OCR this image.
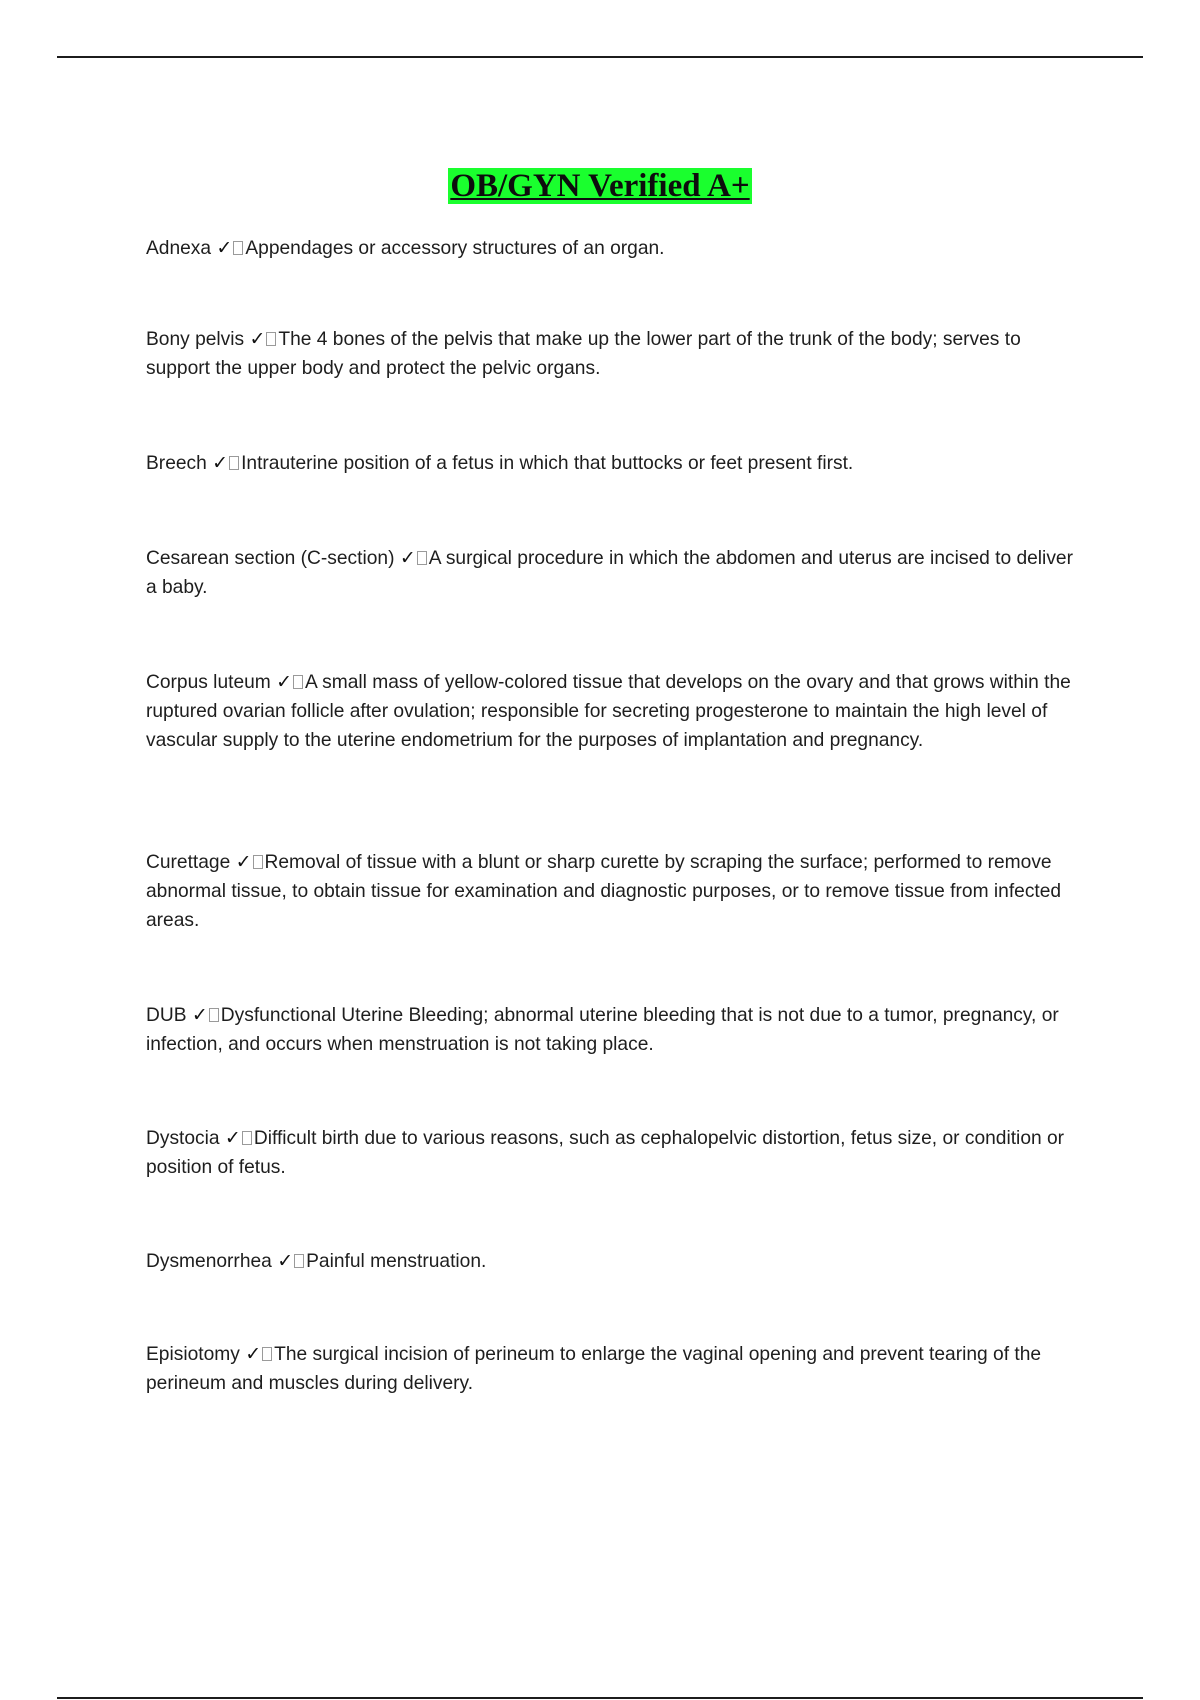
OB/GYN Verified A+

Adnexa ✓ Appendages or accessory structures of an organ.

Bony pelvis ✓ The 4 bones of the pelvis that make up the lower part of the trunk of the body; serves to support the upper body and protect the pelvic organs.

Breech ✓ Intrauterine position of a fetus in which that buttocks or feet present first.

Cesarean section (C-section) ✓ A surgical procedure in which the abdomen and uterus are incised to deliver a baby.

Corpus luteum ✓ A small mass of yellow-colored tissue that develops on the ovary and that grows within the ruptured ovarian follicle after ovulation; responsible for secreting progesterone to maintain the high level of vascular supply to the uterine endometrium for the purposes of implantation and pregnancy.

Curettage ✓ Removal of tissue with a blunt or sharp curette by scraping the surface; performed to remove abnormal tissue, to obtain tissue for examination and diagnostic purposes, or to remove tissue from infected areas.

DUB ✓ Dysfunctional Uterine Bleeding; abnormal uterine bleeding that is not due to a tumor, pregnancy, or infection, and occurs when menstruation is not taking place.

Dystocia ✓ Difficult birth due to various reasons, such as cephalopelvic distortion, fetus size, or condition or position of fetus.

Dysmenorrhea ✓ Painful menstruation.

Episiotomy ✓ The surgical incision of perineum to enlarge the vaginal opening and prevent tearing of the perineum and muscles during delivery.
